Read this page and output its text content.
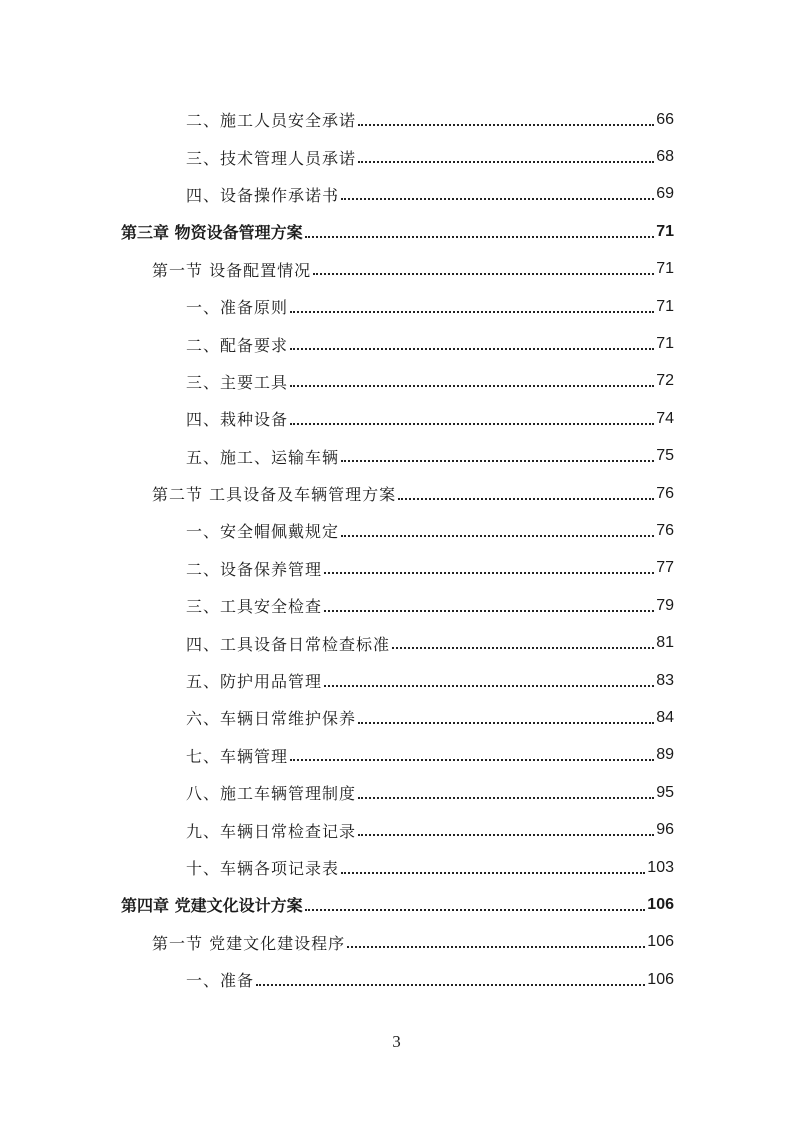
二、施工人员安全承诺	66
三、技术管理人员承诺	68
四、设备操作承诺书	69
第三章 物资设备管理方案	71
第一节 设备配置情况	71
一、准备原则	71
二、配备要求	71
三、主要工具	72
四、栽种设备	74
五、施工、运输车辆	75
第二节 工具设备及车辆管理方案	76
一、安全帽佩戴规定	76
二、设备保养管理	77
三、工具安全检查	79
四、工具设备日常检查标准	81
五、防护用品管理	83
六、车辆日常维护保养	84
七、车辆管理	89
八、施工车辆管理制度	95
九、车辆日常检查记录	96
十、车辆各项记录表	103
第四章 党建文化设计方案	106
第一节 党建文化建设程序	106
一、准备	106
3
